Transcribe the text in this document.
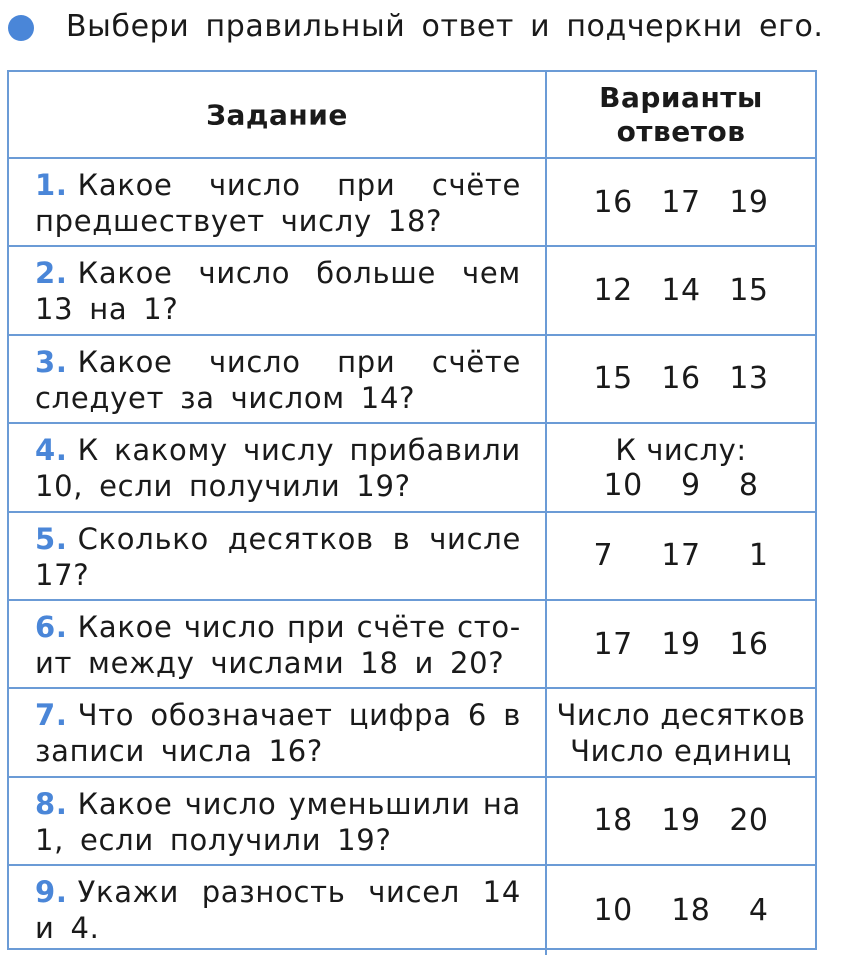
Выбери правильный ответ и подчеркни его.
Задание
Варианты
ответов
1. Какое число при счёте
предшествует числу 18?
16 17 19
2. Какое число больше чем
13 на 1?
12 14 15
3. Какое число при счёте
следует за числом 14?
15 16 13
4. К какому числу прибавили
10, если получили 19?
К числу:
10 9 8
5. Сколько десятков в числе
17?
7 17 1
6. Какое число при счёте сто-
ит между числами 18 и 20?
17 19 16
7. Что обозначает цифра 6 в
записи числа 16?
Число десятков
Число единиц
8. Какое число уменьшили на
1, если получили 19?
18 19 20
9. Укажи разность чисел 14
и 4.
10 18 4
